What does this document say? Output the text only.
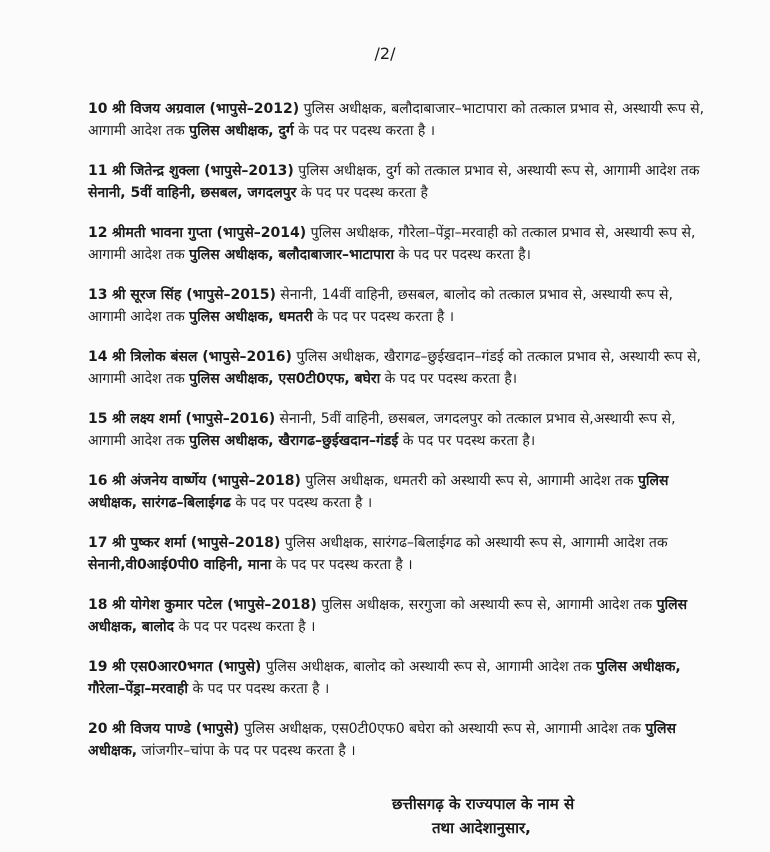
/2/
10 श्री विजय अग्रवाल (भापुसे–2012) पुलिस अधीक्षक, बलौदाबाजार–भाटापारा को तत्काल प्रभाव से, अस्थायी रूप से, आगामी आदेश तक पुलिस अधीक्षक, दुर्ग के पद पर पदस्थ करता है ।
11 श्री जितेन्द्र शुक्ला (भापुसे–2013) पुलिस अधीक्षक, दुर्ग को तत्काल प्रभाव से, अस्थायी रूप से, आगामी आदेश तक सेनानी, 5वीं वाहिनी, छसबल, जगदलपुर के पद पर पदस्थ करता है
12 श्रीमती भावना गुप्ता (भापुसे–2014) पुलिस अधीक्षक, गौरेला–पेंड्रा–मरवाही को तत्काल प्रभाव से, अस्थायी रूप से, आगामी आदेश तक पुलिस अधीक्षक, बलौदाबाजार–भाटापारा के पद पर पदस्थ करता है।
13 श्री सूरज सिंह (भापुसे–2015) सेनानी, 14वीं वाहिनी, छसबल, बालोद को तत्काल प्रभाव से, अस्थायी रूप से, आगामी आदेश तक पुलिस अधीक्षक, धमतरी के पद पर पदस्थ करता है ।
14 श्री त्रिलोक बंसल (भापुसे–2016) पुलिस अधीक्षक, खैरागढ–छुईखदान–गंडई को तत्काल प्रभाव से, अस्थायी रूप से, आगामी आदेश तक पुलिस अधीक्षक, एस0टी0एफ, बघेरा के पद पर पदस्थ करता है।
15 श्री लक्ष्य शर्मा (भापुसे–2016) सेनानी, 5वीं वाहिनी, छसबल, जगदलपुर को तत्काल प्रभाव से,अस्थायी रूप से, आगामी आदेश तक पुलिस अधीक्षक, खैरागढ–छुईखदान–गंडई के पद पर पदस्थ करता है।
16 श्री अंजनेय वार्ष्णेय (भापुसे–2018) पुलिस अधीक्षक, धमतरी को अस्थायी रूप से, आगामी आदेश तक पुलिस अधीक्षक, सारंगढ–बिलाईगढ के पद पर पदस्थ करता है ।
17 श्री पुष्कर शर्मा (भापुसे–2018) पुलिस अधीक्षक, सारंगढ–बिलाईगढ को अस्थायी रूप से, आगामी आदेश तक सेनानी,वी0आई0पी0 वाहिनी, माना के पद पर पदस्थ करता है ।
18 श्री योगेश कुमार पटेल (भापुसे–2018) पुलिस अधीक्षक, सरगुजा को अस्थायी रूप से, आगामी आदेश तक पुलिस अधीक्षक, बालोद के पद पर पदस्थ करता है ।
19 श्री एस0आर0भगत (भापुसे) पुलिस अधीक्षक, बालोद को अस्थायी रूप से, आगामी आदेश तक पुलिस अधीक्षक, गौरेला–पेंड्रा–मरवाही के पद पर पदस्थ करता है ।
20 श्री विजय पाण्डे (भापुसे) पुलिस अधीक्षक, एस0टी0एफ0 बघेरा को अस्थायी रूप से, आगामी आदेश तक पुलिस अधीक्षक, जांजगीर–चांपा के पद पर पदस्थ करता है ।
छत्तीसगढ़ के राज्यपाल के नाम से
तथा आदेशानुसार,
